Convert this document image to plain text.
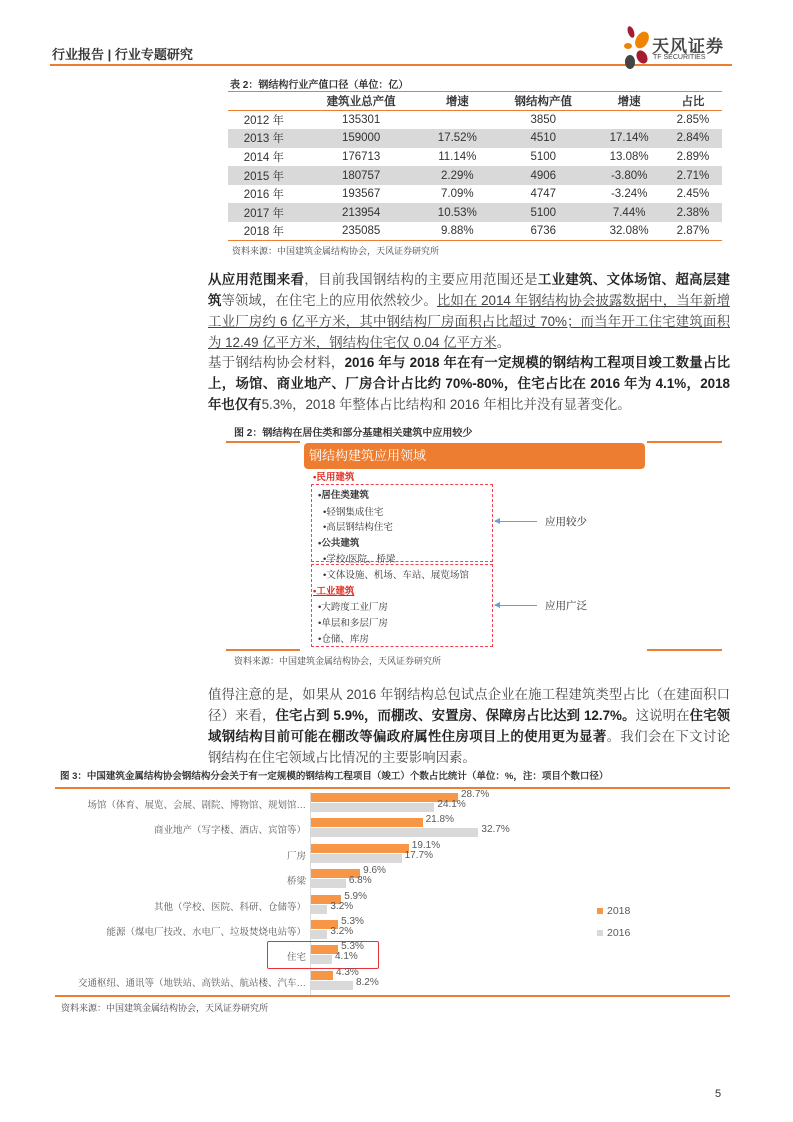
行业报告 | 行业专题研究	天风证券
TF SECURITIES
表 2：钢结构行业产值口径（单位：亿）
	建筑业总产值	增速	钢结构产值	增速	占比
2012 年	135301		3850		2.85%
2013 年	159000	17.52%	4510	17.14%	2.84%
2014 年	176713	11.14%	5100	13.08%	2.89%
2015 年	180757	2.29%	4906	-3.80%	2.71%
2016 年	193567	7.09%	4747	-3.24%	2.45%
2017 年	213954	10.53%	5100	7.44%	2.38%
2018 年	235085	9.88%	6736	32.08%	2.87%
资料来源：中国建筑金属结构协会，天风证券研究所
从应用范围来看，目前我国钢结构的主要应用范围还是工业建筑、文体场馆、超高层建筑等领域，在住宅上的应用依然较少。比如在 2014 年钢结构协会披露数据中，当年新增工业厂房约 6 亿平方米，其中钢结构厂房面积占比超过 70%；而当年开工住宅建筑面积为 12.49 亿平方米，钢结构住宅仅 0.04 亿平方米。
基于钢结构协会材料，2016 年与 2018 年在有一定规模的钢结构工程项目竣工数量占比上，场馆、商业地产、厂房合计占比约 70%-80%，住宅占比在 2016 年为 4.1%，2018 年也仅有5.3%，2018 年整体占比结构和 2016 年相比并没有显著变化。
图 2：钢结构在居住类和部分基建相关建筑中应用较少
钢结构建筑应用领域
•民用建筑
•居住类建筑
•轻钢集成住宅
•高层钢结构住宅
•公共建筑
•学校/医院、桥梁
•文体设施、机场、车站、展览场馆
•工业建筑
•大跨度工业厂房
•单层和多层厂房
•仓储、库房
应用较少
应用广泛
资料来源：中国建筑金属结构协会，天风证券研究所
值得注意的是，如果从 2016 年钢结构总包试点企业在施工程建筑类型占比（在建面积口径）来看，住宅占到 5.9%，而棚改、安置房、保障房占比达到 12.7%。这说明在住宅领域钢结构目前可能在棚改等偏政府属性住房项目上的使用更为显著。我们会在下文讨论钢结构在住宅领域占比情况的主要影响因素。
图 3：中国建筑金属结构协会钢结构分会关于有一定规模的钢结构工程项目（竣工）个数占比统计（单位：%，注：项目个数口径）
场馆（体育、展览、会展、剧院、博物馆、规划馆…
28.7%
24.1%
商业地产（写字楼、酒店、宾馆等）
21.8%
32.7%
厂房
19.1%
17.7%
桥梁
9.6%
6.8%
其他（学校、医院、科研、仓储等）
5.9%
3.2%
能源（煤电厂技改、水电厂、垃圾焚烧电站等）
5.3%
3.2%
住宅
5.3%
4.1%
交通枢纽、通讯等（地铁站、高铁站、航站楼、汽车…
4.3%
8.2%
2018
2016
资料来源：中国建筑金属结构协会，天风证券研究所
5
